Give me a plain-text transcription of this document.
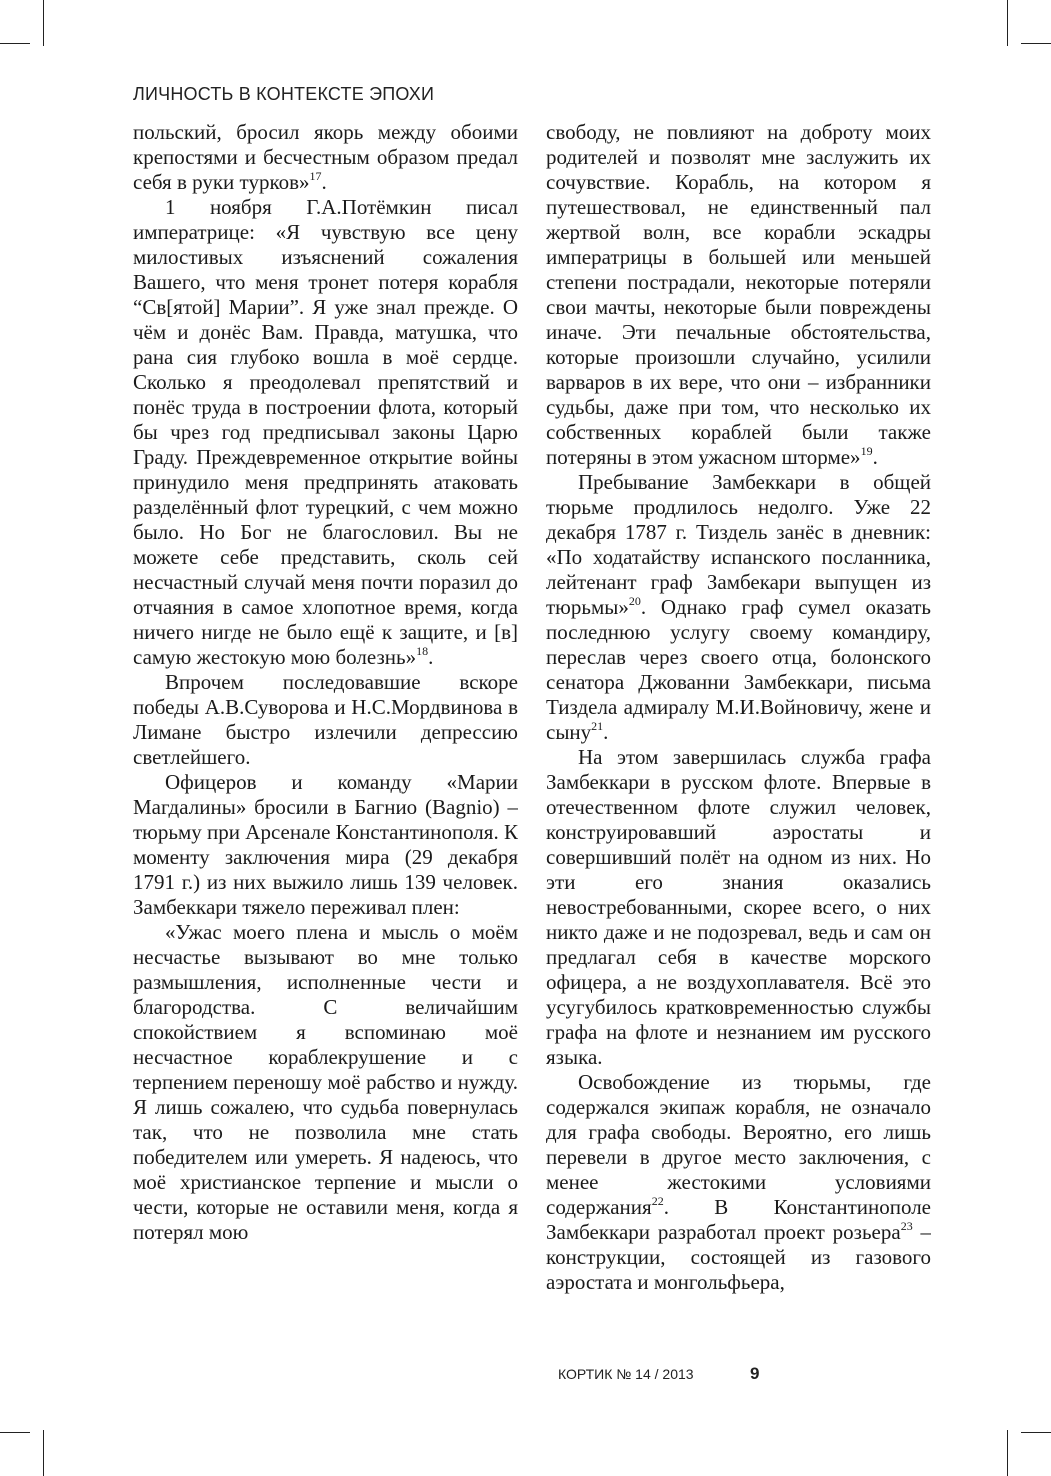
ЛИЧНОСТЬ В КОНТЕКСТЕ ЭПОХИ

польский, бросил якорь между обоими крепостями и бесчестным образом предал себя в руки турков»$^{17}$.

1 ноября Г.А.Потёмкин писал императрице: «Я чувствую все цену милостивых изъяснений сожаления Вашего, что меня тронет потеря корабля “Св[ятой] Марии”. Я уже знал прежде. О чём и донёс Вам. Правда, матушка, что рана сия глубоко вошла в моё сердце. Сколько я преодолевал препятствий и понёс труда в построении флота, который бы чрез год предписывал законы Царю Граду. Преждевременное открытие войны принудило меня предпринять атаковать разделённый флот турецкий, с чем можно было. Но Бог не благословил. Вы не можете себе представить, сколь сей несчастный случай меня почти поразил до отчаяния в самое хлопотное время, когда ничего нигде не было ещё к защите, и [в] самую жестокую мою болезнь»$^{18}$.

Впрочем последовавшие вскоре победы А.В.Суворова и Н.С.Мордвинова в Лимане быстро излечили депрессию светлейшего.

Офицеров и команду «Марии Магдалины» бросили в Багнио (Bagnio) – тюрьму при Арсенале Константинополя. К моменту заключения мира (29 декабря 1791 г.) из них выжило лишь 139 человек. Замбеккари тяжело переживал плен:

«Ужас моего плена и мысль о моём несчастье вызывают во мне только размышления, исполненные чести и благородства. С величайшим спокойствием я вспоминаю моё несчастное кораблекрушение и с терпением переношу моё рабство и нужду. Я лишь сожалею, что судьба повернулась так, что не позволила мне стать победителем или умереть. Я надеюсь, что моё христианское терпение и мысли о чести, которые не оставили меня, когда я потерял мою

свободу, не повлияют на доброту моих родителей и позволят мне заслужить их сочувствие. Корабль, на котором я путешествовал, не единственный пал жертвой волн, все корабли эскадры императрицы в большей или меньшей степени пострадали, некоторые потеряли свои мачты, некоторые были повреждены иначе. Эти печальные обстоятельства, которые произошли случайно, усилили варваров в их вере, что они – избранники судьбы, даже при том, что несколько их собственных кораблей были также потеряны в этом ужасном шторме»$^{19}$.

Пребывание Замбеккари в общей тюрьме продлилось недолго. Уже 22 декабря 1787 г. Тиздель занёс в дневник: «По ходатайству испанского посланника, лейтенант граф Замбекари выпущен из тюрьмы»$^{20}$. Однако граф сумел оказать последнюю услугу своему командиру, переслав через своего отца, болонского сенатора Джованни Замбеккари, письма Тиздела адмиралу М.И.Войновичу, жене и сыну$^{21}$.

На этом завершилась служба графа Замбеккари в русском флоте. Впервые в отечественном флоте служил человек, конструировавший аэростаты и совершивший полёт на одном из них. Но эти его знания оказались невостребованными, скорее всего, о них никто даже и не подозревал, ведь и сам он предлагал себя в качестве морского офицера, а не воздухоплавателя. Всё это усугубилось кратковременностью службы графа на флоте и незнанием им русского языка.

Освобождение из тюрьмы, где содержался экипаж корабля, не означало для графа свободы. Вероятно, его лишь перевели в другое место заключения, с менее жестокими условиями содержания$^{22}$. В Константинополе Замбеккари разработал проект розьера$^{23}$ – конструкции, состоящей из газового аэростата и монгольфьера,

КОРТИК № 14 / 2013	9
